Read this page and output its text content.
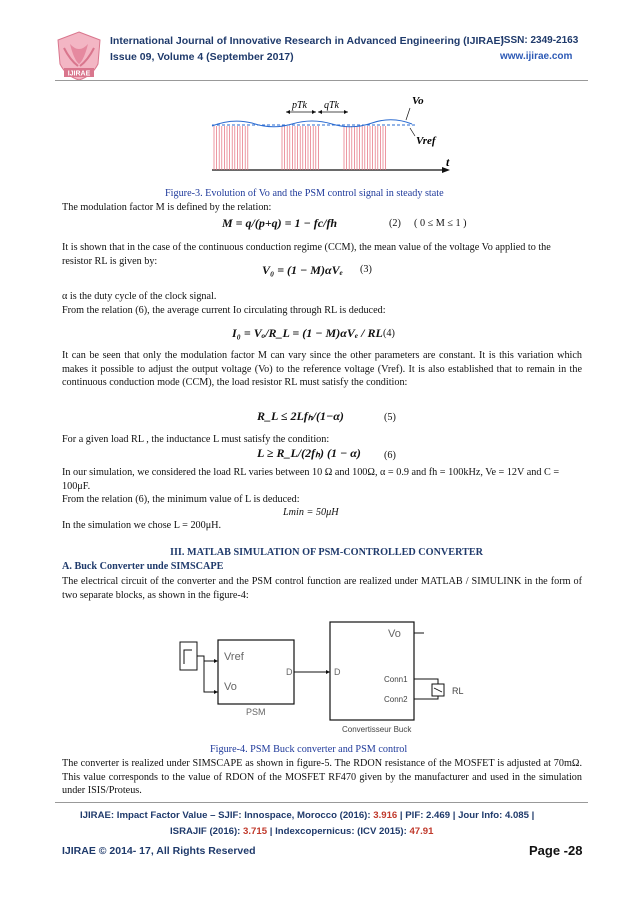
IJIRAE
International Journal of Innovative Research in Advanced Engineering (IJIRAE)
ISSN: 2349-2163
Issue 09, Volume 4 (September 2017)	www.ijirae.com
pTk qTk	Vo
Vref
t
Figure-3. Evolution of Vo and the PSM control signal in steady state
The modulation factor M is defined by the relation:
M = q/(p+q) = 1 − fc/fh	(2) ( 0 ≤ M ≤ 1 )
It is shown that in the case of the continuous conduction regime (CCM), the mean value of the voltage Vo applied to the resistor RL is given by:
V₀ = (1 − M)αVₑ (3)
α is the duty cycle of the clock signal.
From the relation (6), the average current Io circulating through RL is deduced:
I₀ = Vₒ/R_L = (1 − M)αVₑ / RL (4)
It can be seen that only the modulation factor M can vary since the other parameters are constant. It is this variation which makes it possible to adjust the output voltage (Vo) to the reference voltage (Vref). It is also established that to remain in the continuous conduction mode (CCM), the load resistor RL must satisfy the condition:
R_L ≤ 2Lfₕ/(1−α)	(5)
For a given load RL , the inductance L must satisfy the condition:
L ≥ R_L/(2fₕ) (1 − α) (6)
In our simulation, we considered the load RL varies between 10 Ω and 100Ω, α = 0.9 and fh = 100kHz, Ve = 12V and C = 100μF.
From the relation (6), the minimum value of L is deduced:
Lmin = 50μH
In the simulation we chose L = 200μH.
III. MATLAB SIMULATION OF PSM-CONTROLLED CONVERTER
A. Buck Converter unde SIMSCAPE
The electrical circuit of the converter and the PSM control function are realized under MATLAB / SIMULINK in the form of two separate blocks, as shown in the figure-4:
Vref
Vo
D
PSM
Vo
D
Conn1
Conn2
Convertisseur Buck
RL
Figure-4. PSM Buck converter and PSM control
The converter is realized under SIMSCAPE as shown in figure-5. The RDON resistance of the MOSFET is adjusted at 70mΩ. This value corresponds to the value of RDON of the MOSFET RF470 given by the manufacturer and used in the simulation under ISIS/Proteus.
IJIRAE: Impact Factor Value – SJIF: Innospace, Morocco (2016): 3.916 | PIF: 2.469 | Jour Info: 4.085 |
ISRAJIF (2016): 3.715 | Indexcopernicus: (ICV 2015): 47.91
IJIRAE © 2014- 17, All Rights Reserved	Page -28
